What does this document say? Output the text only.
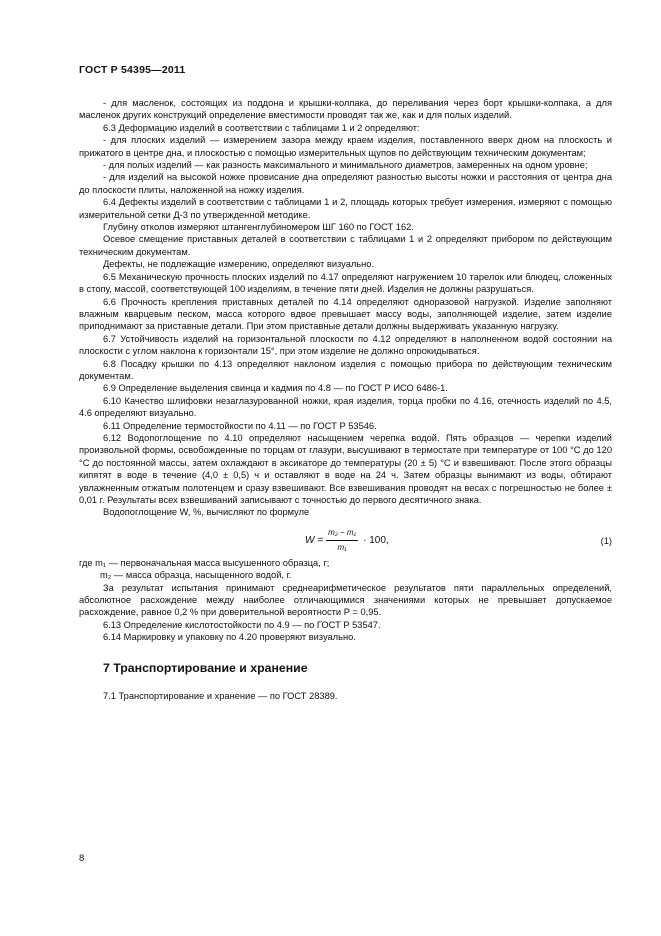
ГОСТ Р 54395—2011

- для масленок, состоящих из поддона и крышки-колпака, до переливания через борт крышки-колпака, а для масленок других конструкций определение вместимости проводят так же, как и для полых изделий.

6.3 Деформацию изделий в соответствии с таблицами 1 и 2 определяют:

- для плоских изделий — измерением зазора между краем изделия, поставленного вверх дном на плоскость и прижатого в центре дна, и плоскостью с помощью измерительных щупов по действующим техническим документам;

- для полых изделий — как разность максимального и минимального диаметров, замеренных на одном уровне;

- для изделий на высокой ножке провисание дна определяют разностью высоты ножки и расстояния от центра дна до плоскости плиты, наложенной на ножку изделия.

6.4 Дефекты изделий в соответствии с таблицами 1 и 2, площадь которых требует измерения, измеряют с помощью измерительной сетки Д-3 по утвержденной методике.

Глубину отколов измеряют штангенглубиномером ШГ 160 по ГОСТ 162.

Осевое смещение приставных деталей в соответствии с таблицами 1 и 2 определяют прибором по действующим техническим документам.

Дефекты, не подлежащие измерению, определяют визуально.

6.5 Механическую прочность плоских изделий по 4.17 определяют нагружением 10 тарелок или блюдец, сложенных в стопу, массой, соответствующей 100 изделиям, в течение пяти дней. Изделия не должны разрушаться.

6.6 Прочность крепления приставных деталей по 4.14 определяют одноразовой нагрузкой. Изделие заполняют влажным кварцевым песком, масса которого вдвое превышает массу воды, заполняющей изделие, затем изделие приподнимают за приставные детали. При этом приставные детали должны выдерживать указанную нагрузку.

6.7 Устойчивость изделий на горизонтальной плоскости по 4.12 определяют в наполненном водой состоянии на плоскости с углом наклона к горизонтали 15°, при этом изделие не должно опрокидываться.

6.8 Посадку крышки по 4.13 определяют наклоном изделия с помощью прибора по действующим техническим документам.

6.9 Определение выделения свинца и кадмия по 4.8 — по ГОСТ Р ИСО 6486-1.

6.10 Качество шлифовки незаглазурованной ножки, края изделия, торца пробки по 4.16, отечность изделий по 4.5, 4.6 определяют визуально.

6.11 Определение термостойкости по 4.11 — по ГОСТ Р 53546.

6.12 Водопоглощение по 4.10 определяют насыщением черепка водой. Пять образцов — черепки изделий произвольной формы, освобожденные по торцам от глазури, высушивают в термостате при температуре от 100 °С до 120 °С до постоянной массы, затем охлаждают в эксикаторе до температуры (20 ± 5) °С и взвешивают. После этого образцы кипятят в воде в течение (4,0 ± 0,5) ч и оставляют в воде на 24 ч. Затем образцы вынимают из воды, обтирают увлажненным отжатым полотенцем и сразу взвешивают. Все взвешивания проводят на весах с погрешностью не более ± 0,01 г. Результаты всех взвешиваний записывают с точностью до первого десятичного знака.

Водопоглощение W, %, вычисляют по формуле

$W = \frac{\text{m₂ − m₁}}{\text{m₁}} \cdot 100$,	(1)

где m₁ — первоначальная масса высушенного образца, г;

m₂ — масса образца, насыщенного водой, г.

За результат испытания принимают среднеарифметическое результатов пяти параллельных определений, абсолютное расхождение между наиболее отличающимися значениями которых не превышает допускаемое расхождение, равное 0,2 % при доверительной вероятности Р = 0,95.

6.13 Определение кислотостойкости по 4.9 — по ГОСТ Р 53547.

6.14 Маркировку и упаковку по 4.20 проверяют визуально.

7 Транспортирование и хранение

7.1 Транспортирование и хранение — по ГОСТ 28389.

8
